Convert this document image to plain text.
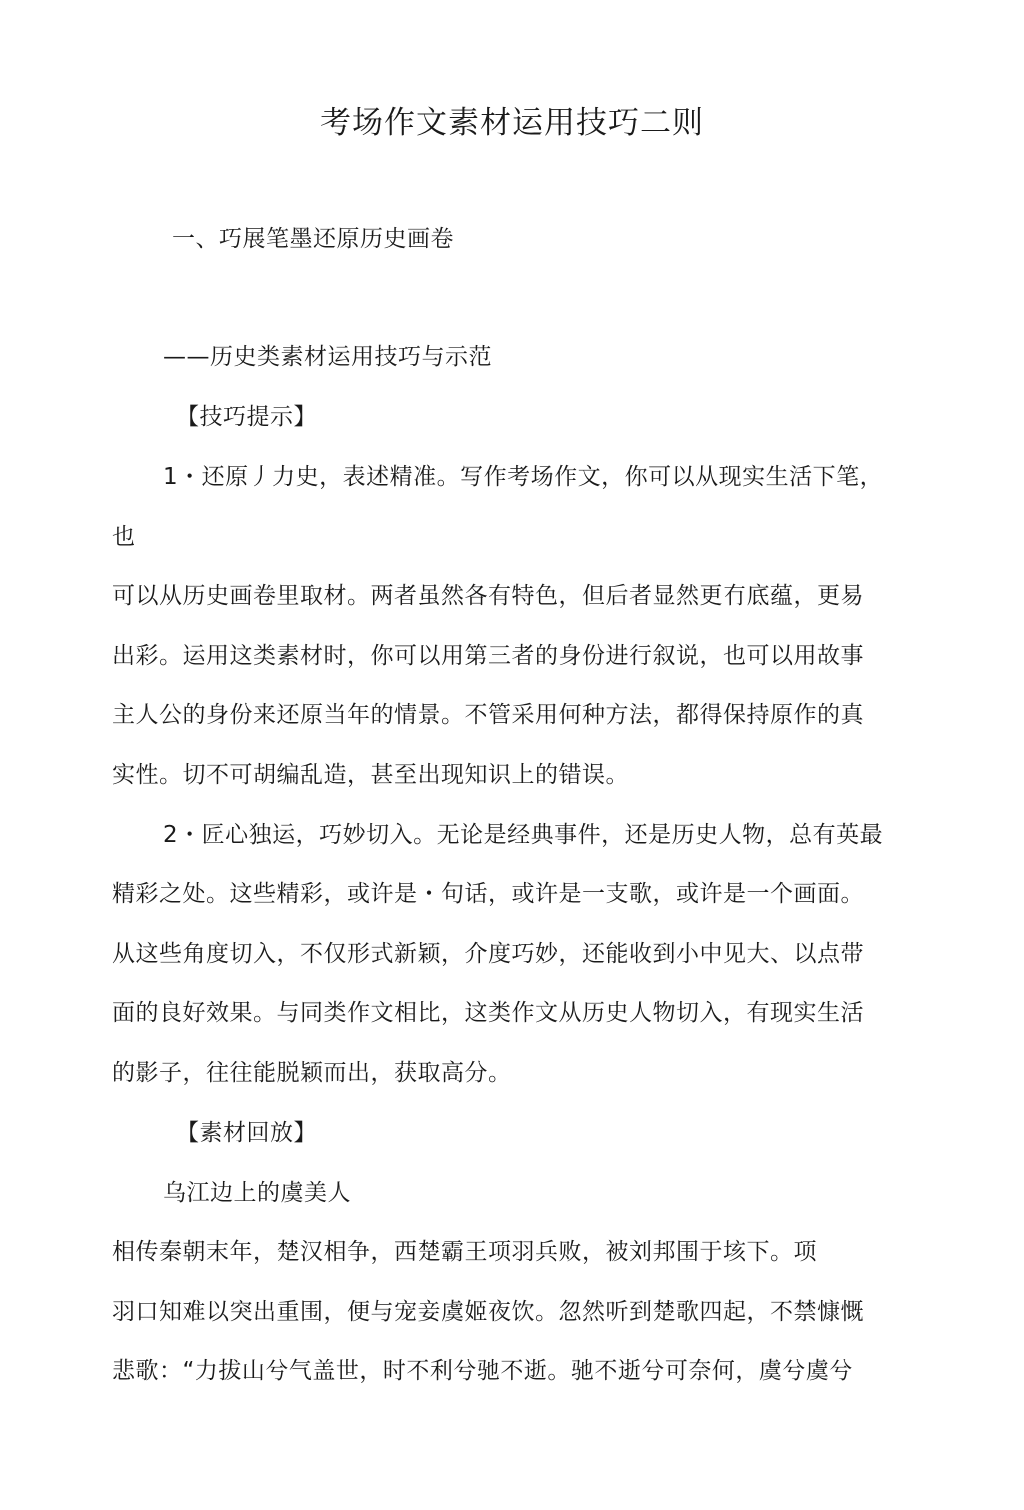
考场作文素材运用技巧二则
一、巧展笔墨还原历史画卷
——历史类素材运用技巧与示范
【技巧提示】
1・还原丿力史，表述精准。写作考场作文，你可以从现实生活下笔，
也
可以从历史画卷里取材。两者虽然各有特色，但后者显然更冇底蕴，更易
出彩。运用这类素材时，你可以用第三者的身份进行叙说，也可以用故事
主人公的身份来还原当年的情景。不管采用何种方法，都得保持原作的真
实性。切不可胡编乱造，甚至出现知识上的错误。
2・匠心独运，巧妙切入。无论是经典事件，还是历史人物，总有英最
精彩之处。这些精彩，或许是・句话，或许是一支歌，或许是一个画面。
从这些角度切入，不仅形式新颖，介度巧妙，还能收到小中见大、以点带
面的良好效果。与同类作文相比，这类作文从历史人物切入，有现实生活
的影子，往往能脱颖而出，获取高分。
【素材回放】
乌江边上的虞美人
相传秦朝末年，楚汉相争，西楚霸王项羽兵败，被刘邦围于垓下。项
羽口知难以突出重围，便与宠妾虞姬夜饮。忽然听到楚歌四起，不禁慷慨
悲歌：“力拔山兮气盖世，时不利兮驰不逝。驰不逝兮可奈何，虞兮虞兮
